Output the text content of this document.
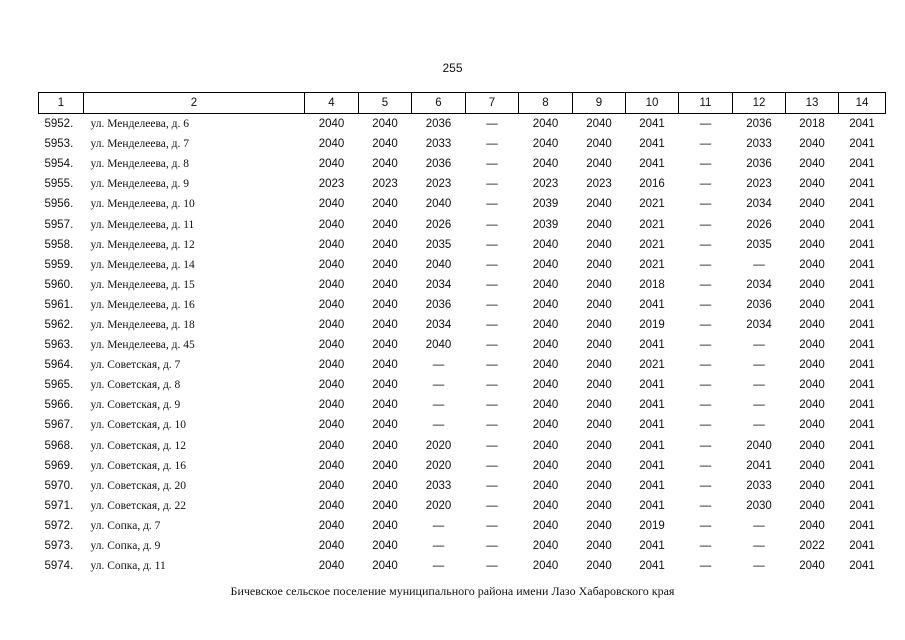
255
1	2	4	5	6	7	8	9	10	11	12	13	14
5952.	ул. Менделеева, д. 6	2040	2040	2036	—	2040	2040	2041	—	2036	2018	2041
5953.	ул. Менделеева, д. 7	2040	2040	2033	—	2040	2040	2041	—	2033	2040	2041
5954.	ул. Менделеева, д. 8	2040	2040	2036	—	2040	2040	2041	—	2036	2040	2041
5955.	ул. Менделеева, д. 9	2023	2023	2023	—	2023	2023	2016	—	2023	2040	2041
5956.	ул. Менделеева, д. 10	2040	2040	2040	—	2039	2040	2021	—	2034	2040	2041
5957.	ул. Менделеева, д. 11	2040	2040	2026	—	2039	2040	2021	—	2026	2040	2041
5958.	ул. Менделеева, д. 12	2040	2040	2035	—	2040	2040	2021	—	2035	2040	2041
5959.	ул. Менделеева, д. 14	2040	2040	2040	—	2040	2040	2021	—	—	2040	2041
5960.	ул. Менделеева, д. 15	2040	2040	2034	—	2040	2040	2018	—	2034	2040	2041
5961.	ул. Менделеева, д. 16	2040	2040	2036	—	2040	2040	2041	—	2036	2040	2041
5962.	ул. Менделеева, д. 18	2040	2040	2034	—	2040	2040	2019	—	2034	2040	2041
5963.	ул. Менделеева, д. 45	2040	2040	2040	—	2040	2040	2041	—	—	2040	2041
5964.	ул. Советская, д. 7	2040	2040	—	—	2040	2040	2021	—	—	2040	2041
5965.	ул. Советская, д. 8	2040	2040	—	—	2040	2040	2041	—	—	2040	2041
5966.	ул. Советская, д. 9	2040	2040	—	—	2040	2040	2041	—	—	2040	2041
5967.	ул. Советская, д. 10	2040	2040	—	—	2040	2040	2041	—	—	2040	2041
5968.	ул. Советская, д. 12	2040	2040	2020	—	2040	2040	2041	—	2040	2040	2041
5969.	ул. Советская, д. 16	2040	2040	2020	—	2040	2040	2041	—	2041	2040	2041
5970.	ул. Советская, д. 20	2040	2040	2033	—	2040	2040	2041	—	2033	2040	2041
5971.	ул. Советская, д. 22	2040	2040	2020	—	2040	2040	2041	—	2030	2040	2041
5972.	ул. Сопка, д. 7	2040	2040	—	—	2040	2040	2019	—	—	2040	2041
5973.	ул. Сопка, д. 9	2040	2040	—	—	2040	2040	2041	—	—	2022	2041
5974.	ул. Сопка, д. 11	2040	2040	—	—	2040	2040	2041	—	—	2040	2041
Бичевское сельское поселение муниципального района имени Лазо Хабаровского края
